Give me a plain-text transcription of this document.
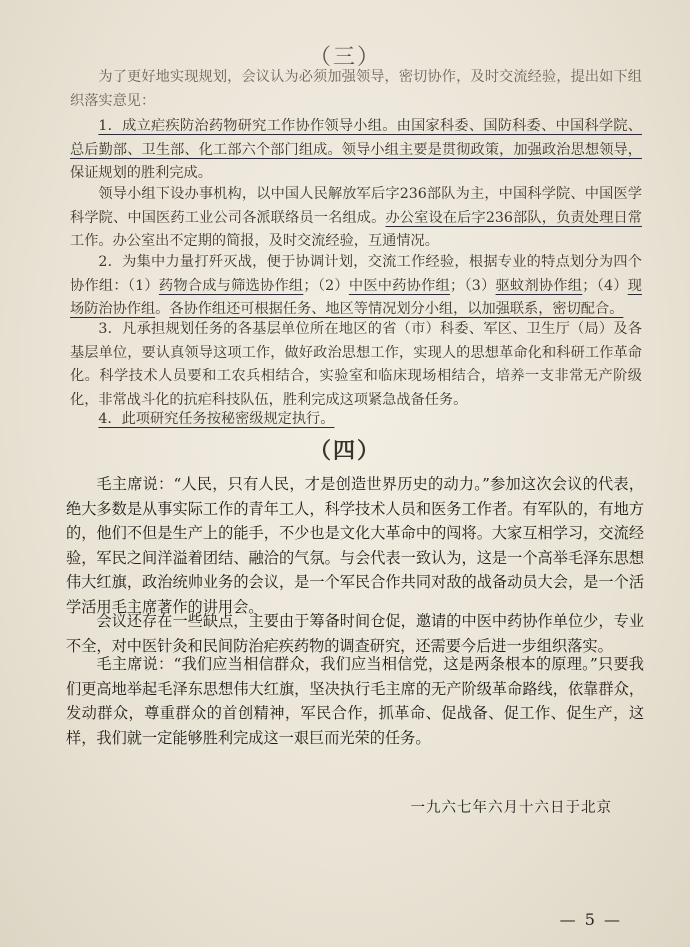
（三）

为了更好地实现规划，会议认为必须加强领导，密切协作，及时交流经验，提出如下组织落实意见：

1．成立疟疾防治药物研究工作协作领导小组。由国家科委、国防科委、中国科学院、总后勤部、卫生部、化工部六个部门组成。领导小组主要是贯彻政策，加强政治思想领导，保证规划的胜利完成。

领导小组下设办事机构，以中国人民解放军后字236部队为主，中国科学院、中国医学科学院、中国医药工业公司各派联络员一名组成。办公室设在后字236部队，负责处理日常工作。办公室出不定期的简报，及时交流经验，互通情况。

2．为集中力量打歼灭战，便于协调计划，交流工作经验，根据专业的特点划分为四个协作组：（1）药物合成与筛选协作组；（2）中医中药协作组；（3）驱蚊剂协作组；（4）现场防治协作组。各协作组还可根据任务、地区等情况划分小组，以加强联系，密切配合。

3．凡承担规划任务的各基层单位所在地区的省（市）科委、军区、卫生厅（局）及各基层单位，要认真领导这项工作，做好政治思想工作，实现人的思想革命化和科研工作革命化。科学技术人员要和工农兵相结合，实验室和临床现场相结合，培养一支非常无产阶级化，非常战斗化的抗疟科技队伍，胜利完成这项紧急战备任务。

4．此项研究任务按秘密级规定执行。

（四）

毛主席说：“人民，只有人民，才是创造世界历史的动力。”参加这次会议的代表，绝大多数是从事实际工作的青年工人，科学技术人员和医务工作者。有军队的，有地方的，他们不但是生产上的能手，不少也是文化大革命中的闯将。大家互相学习，交流经验，军民之间洋溢着团结、融洽的气氛。与会代表一致认为，这是一个高举毛泽东思想伟大红旗，政治统帅业务的会议，是一个军民合作共同对敌的战备动员大会，是一个活学活用毛主席著作的讲用会。

会议还存在一些缺点，主要由于筹备时间仓促，邀请的中医中药协作单位少，专业不全，对中医针灸和民间防治疟疾药物的调查研究，还需要今后进一步组织落实。

毛主席说：“我们应当相信群众，我们应当相信党，这是两条根本的原理。”只要我们更高地举起毛泽东思想伟大红旗，坚决执行毛主席的无产阶级革命路线，依靠群众，发动群众，尊重群众的首创精神，军民合作，抓革命、促战备、促工作、促生产，这样，我们就一定能够胜利完成这一艰巨而光荣的任务。

一九六七年六月十六日于北京
— 5 —
